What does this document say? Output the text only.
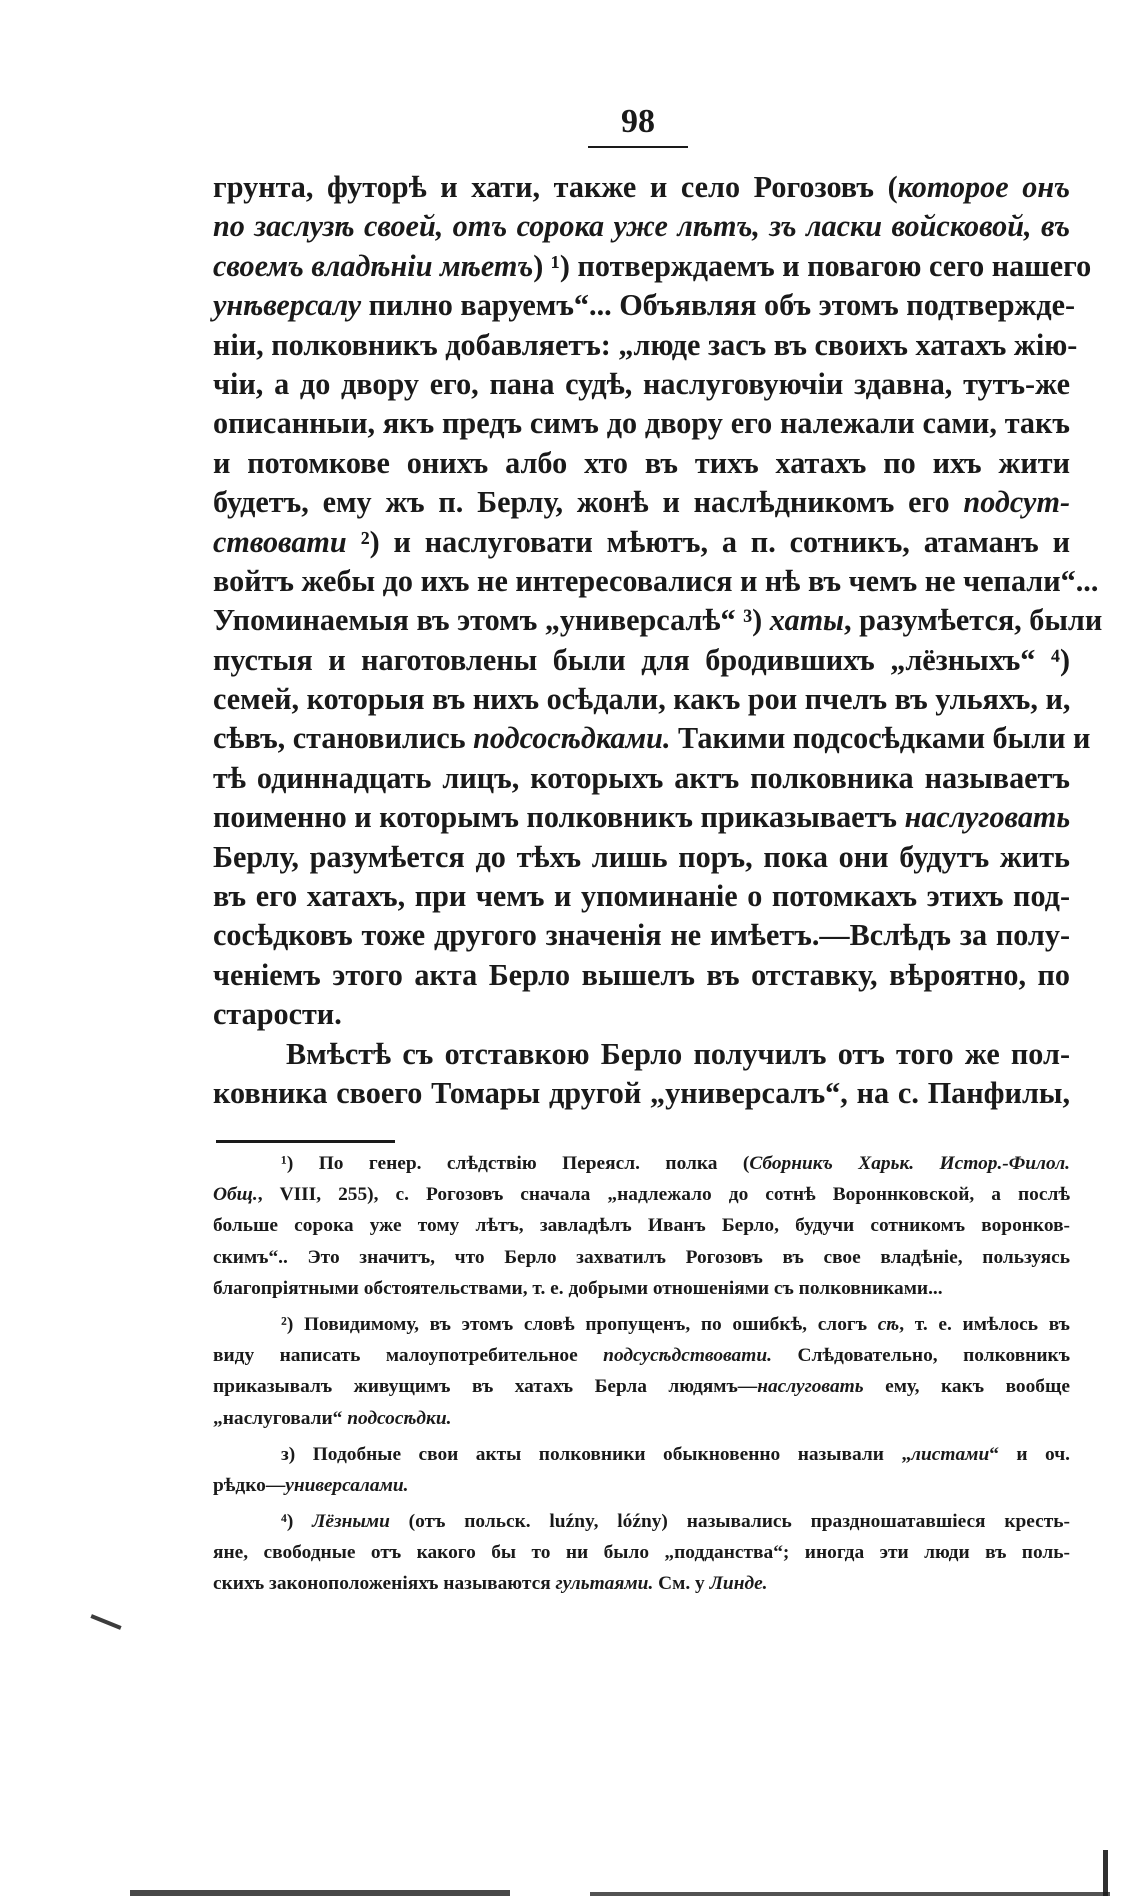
98
грунта, футорѣ и хати, также и село Рогозовъ (которое онъ
по заслузѣ своей, отъ сорока уже лѣтъ, зъ ласки войсковой, въ
своемъ владѣніи мѣетъ) ¹) потверждаемъ и повагою сего нашего
унѣверсалу пилно варуемъ“... Объявляя объ этомъ подтвержде-
ніи, полковникъ добавляетъ: „люде засъ въ своихъ хатахъ жію-
чіи, а до двору его, пана судѣ, наслуговуючіи здавна, тутъ-же
описанныи, якъ предъ симъ до двору его належали сами, такъ
и потомкове онихъ албо хто въ тихъ хатахъ по ихъ жити
будетъ, ему жъ п. Берлу, жонѣ и наслѣдникомъ его подсут-
ствовати ²) и наслуговати мѣютъ, а п. сотникъ, атаманъ и
войтъ жебы до ихъ не интересовалися и нѣ въ чемъ не чепали“...
Упоминаемыя въ этомъ „универсалѣ“ ³) хаты, разумѣется, были
пустыя и наготовлены были для бродившихъ „лёзныхъ“ ⁴)
семей, которыя въ нихъ осѣдали, какъ рои пчелъ въ ульяхъ, и,
сѣвъ, становились подсосѣдками. Такими подсосѣдками были и
тѣ одиннадцать лицъ, которыхъ актъ полковника называетъ
поименно и которымъ полковникъ приказываетъ наслуговать
Берлу, разумѣется до тѣхъ лишь поръ, пока они будутъ жить
въ его хатахъ, при чемъ и упоминаніе о потомкахъ этихъ под-
сосѣдковъ тоже другого значенія не имѣетъ.—Вслѣдъ за полу-
ченіемъ этого акта Берло вышелъ въ отставку, вѣроятно, по
старости.
Вмѣстѣ съ отставкою Берло получилъ отъ того же пол-
ковника своего Томары другой „универсалъ“, на с. Панфилы,
¹) По генер. слѣдствію Переясл. полка (Сборникъ Харьк. Истор.-Филол.
Общ., VIII, 255), с. Рогозовъ сначала „надлежало до сотнѣ Вороннковской, а послѣ
больше сорока уже тому лѣтъ, завладѣлъ Иванъ Берло, будучи сотникомъ воронков-
скимъ“.. Это значитъ, что Берло захватилъ Рогозовъ въ свое владѣніе, пользуясь
благопріятными обстоятельствами, т. е. добрыми отношеніями съ полковниками...
²) Повидимому, въ этомъ словѣ пропущенъ, по ошибкѣ, слогъ сѣ, т. е. имѣлось въ
виду написать малоупотребительное подсусѣдствовати. Слѣдовательно, полковникъ
приказывалъ живущимъ въ хатахъ Берла людямъ—наслуговать ему, какъ вообще
„наслуговали“ подсосѣдки.
з) Подобные свои акты полковники обыкновенно называли „листами“ и оч.
рѣдко—универсалами.
⁴) Лёзными (отъ польск. luźny, lóźny) назывались праздношатавшіеся кресть-
яне, свободные отъ какого бы то ни было „подданства“; иногда эти люди въ поль-
скихъ законоположеніяхъ называются гультаями. См. у Линде.
